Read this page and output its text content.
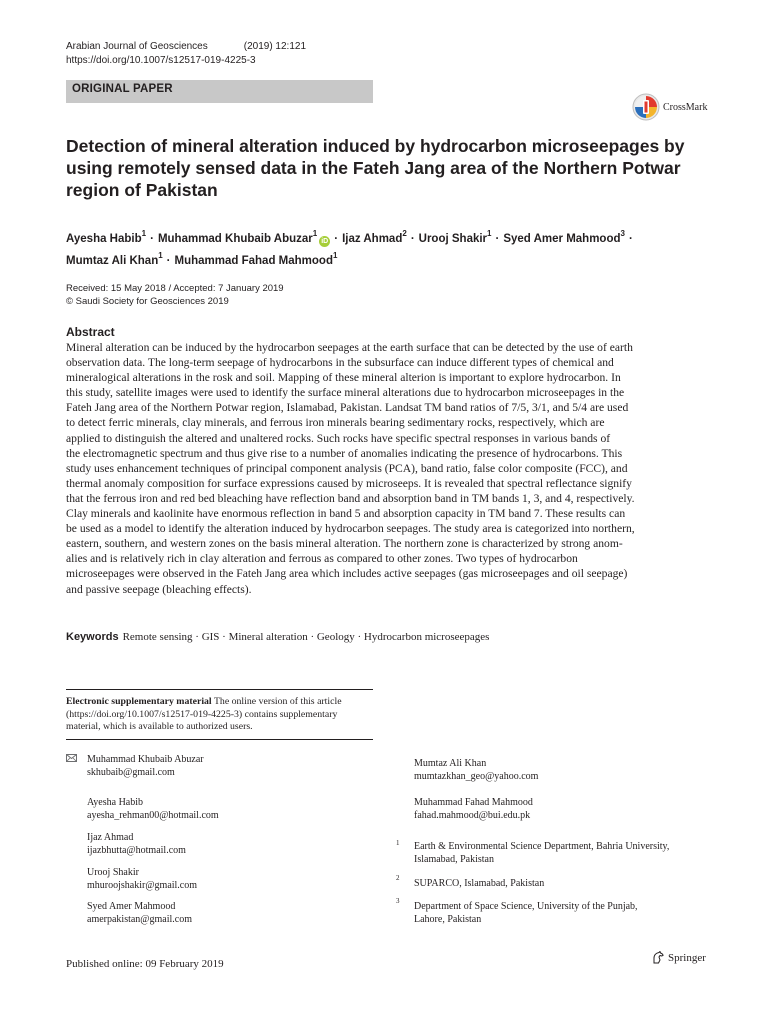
Arabian Journal of Geosciences	(2019) 12:121
https://doi.org/10.1007/s12517-019-4225-3
ORIGINAL PAPER
CrossMark
Detection of mineral alteration induced by hydrocarbon microseepages by using remotely sensed data in the Fateh Jang area of the Northern Potwar region of Pakistan
Ayesha Habib$^1$ · Muhammad Khubaib Abuzar$^1$iD · Ijaz Ahmad$^2$ · Urooj Shakir$^1$ · Syed Amer Mahmood$^3$ ·
Mumtaz Ali Khan$^1$ · Muhammad Fahad Mahmood$^1$
Received: 15 May 2018 / Accepted: 7 January 2019
© Saudi Society for Geosciences 2019
Abstract
Mineral alteration can be induced by the hydrocarbon seepages at the earth surface that can be detected by the use of earth
observation data. The long-term seepage of hydrocarbons in the subsurface can induce different types of chemical and
mineralogical alterations in the rosk and soil. Mapping of these mineral alterion is important to explore hydrocarbon. In
this study, satellite images were used to identify the surface mineral alterations due to hydrocarbon microseepages in the
Fateh Jang area of the Northern Potwar region, Islamabad, Pakistan. Landsat TM band ratios of 7/5, 3/1, and 5/4 are used
to detect ferric minerals, clay minerals, and ferrous iron minerals bearing sedimentary rocks, respectively, which are
applied to distinguish the altered and unaltered rocks. Such rocks have specific spectral responses in various bands of
the electromagnetic spectrum and thus give rise to a number of anomalies indicating the presence of hydrocarbons. This
study uses enhancement techniques of principal component analysis (PCA), band ratio, false color composite (FCC), and
thermal anomaly composition for surface expressions caused by microseeps. It is revealed that spectral reflectance signify
that the ferrous iron and red bed bleaching have reflection band and absorption band in TM bands 1, 3, and 4, respectively.
Clay minerals and kaolinite have enormous reflection in band 5 and absorption capacity in TM band 7. These results can
be used as a model to identify the alteration induced by hydrocarbon seepages. The study area is categorized into northern,
eastern, southern, and western zones on the basis mineral alteration. The northern zone is characterized by strong anom-
alies and is relatively rich in clay alteration and ferrous as compared to other zones. Two types of hydrocarbon
microseepages were observed in the Fateh Jang area which includes active seepages (gas microseepages and oil seepage)
and passive seepage (bleaching effects).
Keywords Remote sensing · GIS · Mineral alteration · Geology · Hydrocarbon microseepages
Electronic supplementary material The online version of this article
(https://doi.org/10.1007/s12517-019-4225-3) contains supplementary
material, which is available to authorized users.
Muhammad Khubaib Abuzar
skhubaib@gmail.com
Ayesha Habib
ayesha_rehman00@hotmail.com
Ijaz Ahmad
ijazbhutta@hotmail.com
Urooj Shakir
mhuroojshakir@gmail.com
Syed Amer Mahmood
amerpakistan@gmail.com
Mumtaz Ali Khan
mumtazkhan_geo@yahoo.com
Muhammad Fahad Mahmood
fahad.mahmood@bui.edu.pk
1 Earth & Environmental Science Department, Bahria University,
Islamabad, Pakistan
2 SUPARCO, Islamabad, Pakistan
3 Department of Space Science, University of the Punjab,
Lahore, Pakistan
Published online: 09 February 2019
Springer
